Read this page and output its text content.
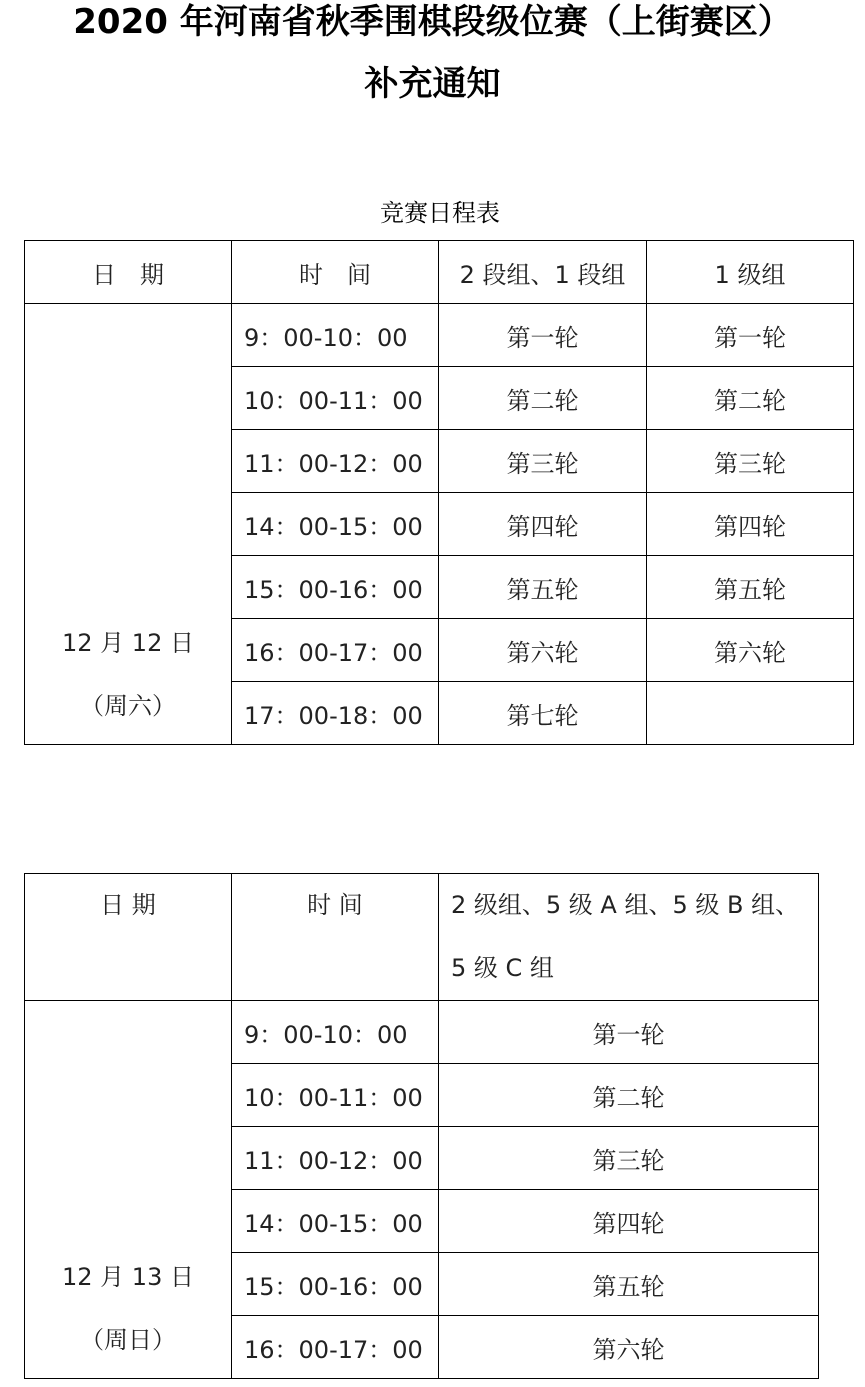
2020 年河南省秋季围棋段级位赛（上街赛区）
补充通知
竞赛日程表
日　期	时　间	2 段组、1 段组	1 级组

12 月 12 日
（周六）	9：00-10：00	第一轮	第一轮
	10：00-11：00	第二轮	第二轮
	11：00-12：00	第三轮	第三轮
	14：00-15：00	第四轮	第四轮
	15：00-16：00	第五轮	第五轮
	16：00-17：00	第六轮	第六轮
	17：00-18：00	第七轮	
日 期	时 间	2 级组、5 级 A 组、5 级 B 组、
5 级 C 组

12 月 13 日
（周日）	9：00-10：00	第一轮
	10：00-11：00	第二轮
	11：00-12：00	第三轮
	14：00-15：00	第四轮
	15：00-16：00	第五轮
	16：00-17：00	第六轮
